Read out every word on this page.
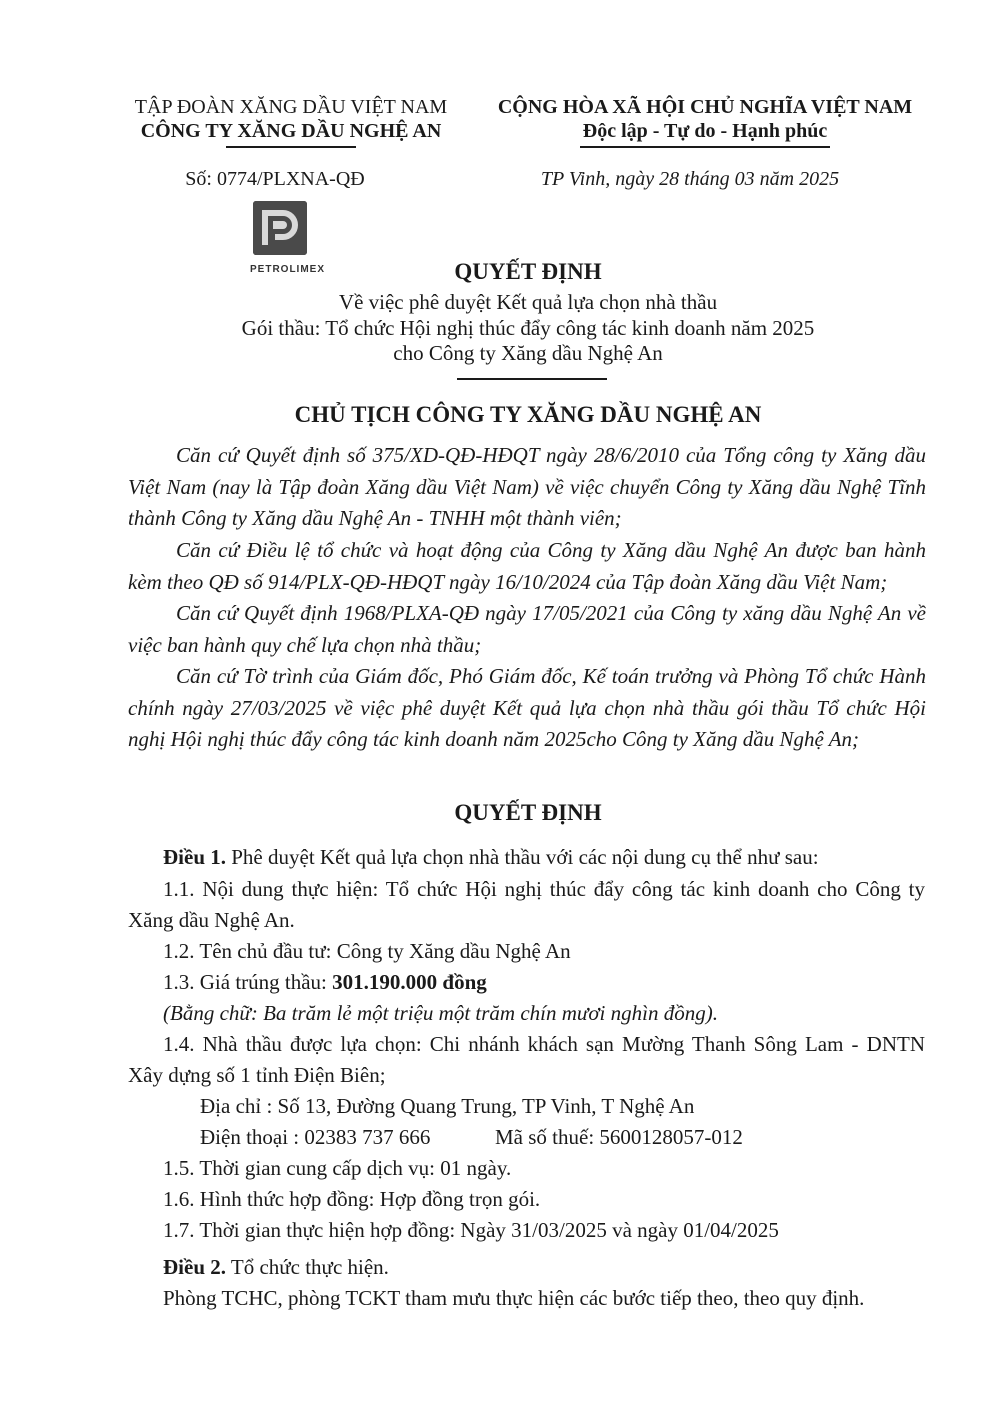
TẬP ĐOÀN XĂNG DẦU VIỆT NAM
CÔNG TY XĂNG DẦU NGHỆ AN
CỘNG HÒA XÃ HỘI CHỦ NGHĨA VIỆT NAM
Độc lập - Tự do - Hạnh phúc
Số: 0774/PLXNA-QĐ	TP Vinh, ngày 28 tháng 03 năm 2025
PETROLIMEX	QUYẾT ĐỊNH
Về việc phê duyệt Kết quả lựa chọn nhà thầu
Gói thầu: Tổ chức Hội nghị thúc đẩy công tác kinh doanh năm 2025
cho Công ty Xăng dầu Nghệ An
CHỦ TỊCH CÔNG TY XĂNG DẦU NGHỆ AN
Căn cứ Quyết định số 375/XD-QĐ-HĐQT ngày 28/6/2010 của Tổng công ty Xăng dầu Việt Nam (nay là Tập đoàn Xăng dầu Việt Nam) về việc chuyển Công ty Xăng dầu Nghệ Tĩnh thành Công ty Xăng dầu Nghệ An - TNHH một thành viên;
Căn cứ Điều lệ tổ chức và hoạt động của Công ty Xăng dầu Nghệ An được ban hành kèm theo QĐ số 914/PLX-QĐ-HĐQT ngày 16/10/2024 của Tập đoàn Xăng dầu Việt Nam;
Căn cứ Quyết định 1968/PLXA-QĐ ngày 17/05/2021 của Công ty xăng dầu Nghệ An về việc ban hành quy chế lựa chọn nhà thầu;
Căn cứ Tờ trình của Giám đốc, Phó Giám đốc, Kế toán trưởng và Phòng Tổ chức Hành chính ngày 27/03/2025 về việc phê duyệt Kết quả lựa chọn nhà thầu gói thầu Tổ chức Hội nghị Hội nghị thúc đẩy công tác kinh doanh năm 2025cho Công ty Xăng dầu Nghệ An;
QUYẾT ĐỊNH
Điều 1. Phê duyệt Kết quả lựa chọn nhà thầu với các nội dung cụ thể như sau:
1.1. Nội dung thực hiện: Tổ chức Hội nghị thúc đẩy công tác kinh doanh cho Công ty
Xăng dầu Nghệ An.
1.2. Tên chủ đầu tư: Công ty Xăng dầu Nghệ An
1.3. Giá trúng thầu: 301.190.000 đồng
(Bằng chữ: Ba trăm lẻ một triệu một trăm chín mươi nghìn đồng).
1.4. Nhà thầu được lựa chọn: Chi nhánh khách sạn Mường Thanh Sông Lam - DNTN
Xây dựng số 1 tỉnh Điện Biên;
Địa chỉ : Số 13, Đường Quang Trung, TP Vinh, T Nghệ An
Điện thoại : 02383 737 666	Mã số thuế: 5600128057-012
1.5. Thời gian cung cấp dịch vụ: 01 ngày.
1.6. Hình thức hợp đồng: Hợp đồng trọn gói.
1.7. Thời gian thực hiện hợp đồng: Ngày 31/03/2025 và ngày 01/04/2025
Điều 2. Tổ chức thực hiện.
Phòng TCHC, phòng TCKT tham mưu thực hiện các bước tiếp theo, theo quy định.
